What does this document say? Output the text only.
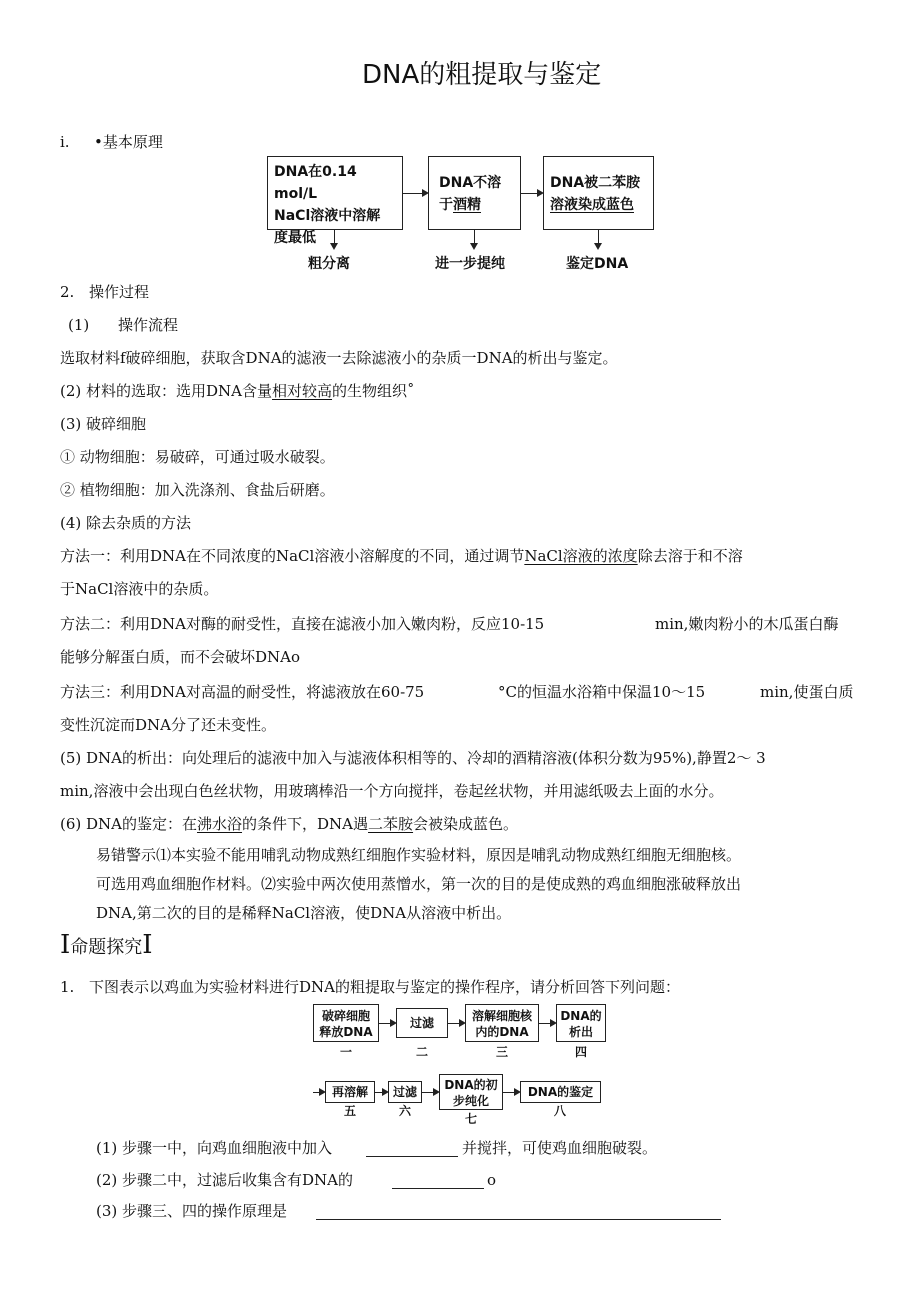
DNA的粗提取与鉴定
i. •基本原理
DNA在0.14 mol/L
NaCl溶液中溶解
度最低
DNA不溶
于酒精
DNA被二苯胺
溶液染成蓝色
粗分离	进一步提纯	鉴定DNA
2. 操作过程
(1) 操作流程
选取材料f破碎细胞，获取含DNA的滤液一去除滤液小的杂质一DNA的析出与鉴定。
(2) 材料的选取：选用DNA含量相对较高的生物组织˚
(3) 破碎细胞
① 动物细胞：易破碎，可通过吸水破裂。
② 植物细胞：加入洗涤剂、食盐后研磨。
(4) 除去杂质的方法
方法一：利用DNA在不同浓度的NaCl溶液小溶解度的不同，通过调节NaCl溶液的浓度除去溶于和不溶
于NaCl溶液中的杂质。
方法二：利用DNA对酶的耐受性，直接在滤液小加入嫩肉粉，反应10-15	min,嫩肉粉小的木瓜蛋白酶
能够分解蛋白质，而不会破坏DNAo
方法三：利用DNA对高温的耐受性，将滤液放在60-75	°C的恒温水浴箱中保温10～15	min,使蛋白质
变性沉淀而DNA分了还未变性。
(5) DNA的析出：向处理后的滤液中加入与滤液体积相等的、冷却的酒精溶液(体积分数为95%),静置2～ 3
min,溶液中会出现白色丝状物，用玻璃棒沿一个方向搅拌，卷起丝状物，并用滤纸吸去上面的水分。
(6) DNA的鉴定：在沸水浴的条件下，DNA遇二苯胺会被染成蓝色。
易错警示⑴本实验不能用哺乳动物成熟红细胞作实验材料，原因是哺乳动物成熟红细胞无细胞核。
可选用鸡血细胞作材料。⑵实验中两次使用蒸憎水，第一次的目的是使成熟的鸡血细胞涨破释放出
DNA,第二次的目的是稀释NaCl溶液，使DNA从溶液中析出。
I命题探究I
1. 下图表示以鸡血为实验材料进行DNA的粗提取与鉴定的操作程序，请分析回答下列问题：
破碎细胞
释放DNA
过滤	溶解细胞核
内的DNA
DNA的
析出
一	二	三	四
再溶解	过滤	DNA的初
步纯化
DNA的鉴定
五	六
七
八
(1) 步骤一中，向鸡血细胞液中加入	并搅拌，可使鸡血细胞破裂。
(2) 步骤二中，过滤后收集含有DNA的	o
(3) 步骤三、四的操作原理是
